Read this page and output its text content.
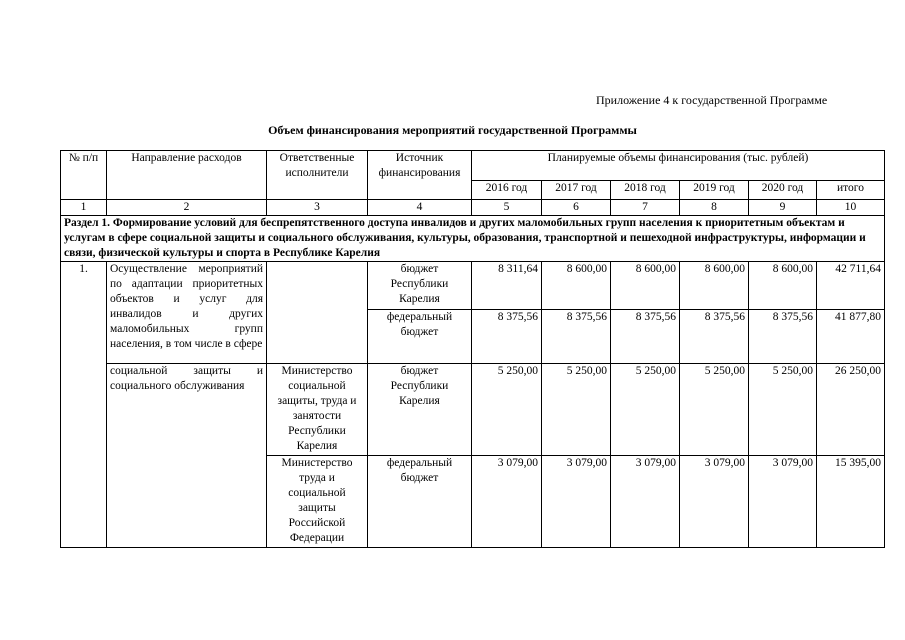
Приложение 4 к государственной Программе
Объем финансирования мероприятий государственной Программы
№ п/п	Направление расходов	Ответственные исполнители	Источник финансирования	Планируемые объемы финансирования (тыс. рублей)					
				2016 год	2017 год	2018 год	2019 год	2020 год	итого
1	2	3	4	5	6	7	8	9	10
Раздел 1. Формирование условий для беспрепятственного доступа инвалидов и других маломобильных групп населения к приоритетным объектам и услугам в сфере социальной защиты и социального обслуживания, культуры, образования, транспортной и пешеходной инфраструктуры, информации и связи, физической культуры и спорта в Республике Карелия									
1.	Осуществление мероприятий по адаптации приоритетных объектов и услуг для инвалидов и других маломобильных групп населения, в том числе в сфере		бюджет Республики Карелия	8 311,64	8 600,00	8 600,00	8 600,00	8 600,00	42 711,64
			федеральный бюджет	8 375,56	8 375,56	8 375,56	8 375,56	8 375,56	41 877,80
	социальной защиты и социального обслуживания	Министерство социальной защиты, труда и занятости Республики Карелия	бюджет Республики Карелия	5 250,00	5 250,00	5 250,00	5 250,00	5 250,00	26 250,00
		Министерство труда и социальной защиты Российской Федерации	федеральный бюджет	3 079,00	3 079,00	3 079,00	3 079,00	3 079,00	15 395,00
